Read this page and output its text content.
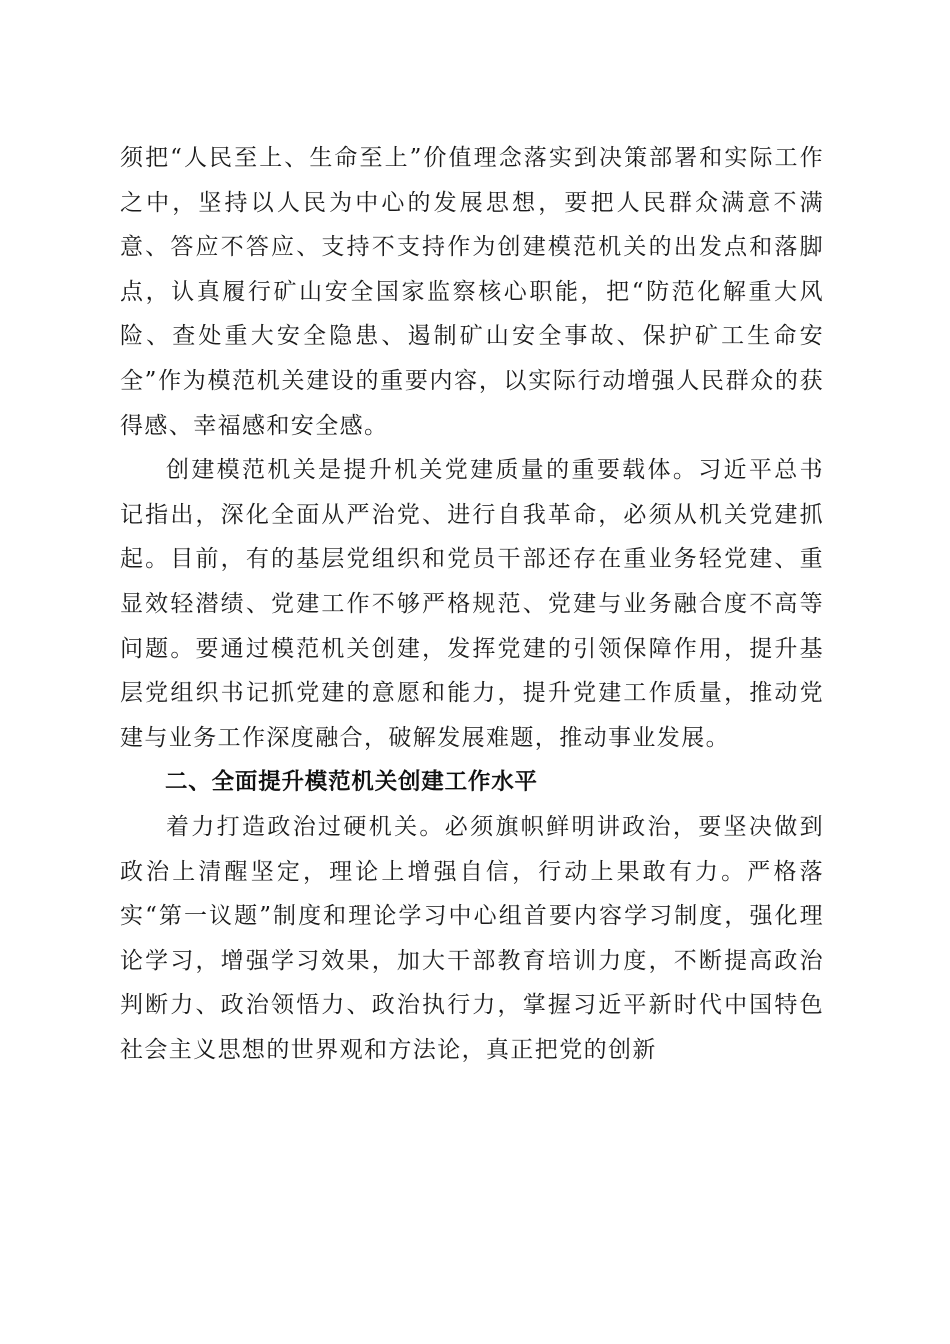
须把“人民至上、生命至上”价值理念落实到决策部署和实际工作之中，坚持以人民为中心的发展思想，要把人民群众满意不满意、答应不答应、支持不支持作为创建模范机关的出发点和落脚点，认真履行矿山安全国家监察核心职能，把“防范化解重大风险、查处重大安全隐患、遏制矿山安全事故、保护矿工生命安全”作为模范机关建设的重要内容，以实际行动增强人民群众的获得感、幸福感和安全感。

创建模范机关是提升机关党建质量的重要载体。习近平总书记指出，深化全面从严治党、进行自我革命，必须从机关党建抓起。目前，有的基层党组织和党员干部还存在重业务轻党建、重显效轻潜绩、党建工作不够严格规范、党建与业务融合度不高等问题。要通过模范机关创建，发挥党建的引领保障作用，提升基层党组织书记抓党建的意愿和能力，提升党建工作质量，推动党建与业务工作深度融合，破解发展难题，推动事业发展。

二、全面提升模范机关创建工作水平

着力打造政治过硬机关。必须旗帜鲜明讲政治，要坚决做到政治上清醒坚定，理论上增强自信，行动上果敢有力。严格落实“第一议题”制度和理论学习中心组首要内容学习制度，强化理论学习，增强学习效果，加大干部教育培训力度，不断提高政治判断力、政治领悟力、政治执行力，掌握习近平新时代中国特色社会主义思想的世界观和方法论，真正把党的创新
